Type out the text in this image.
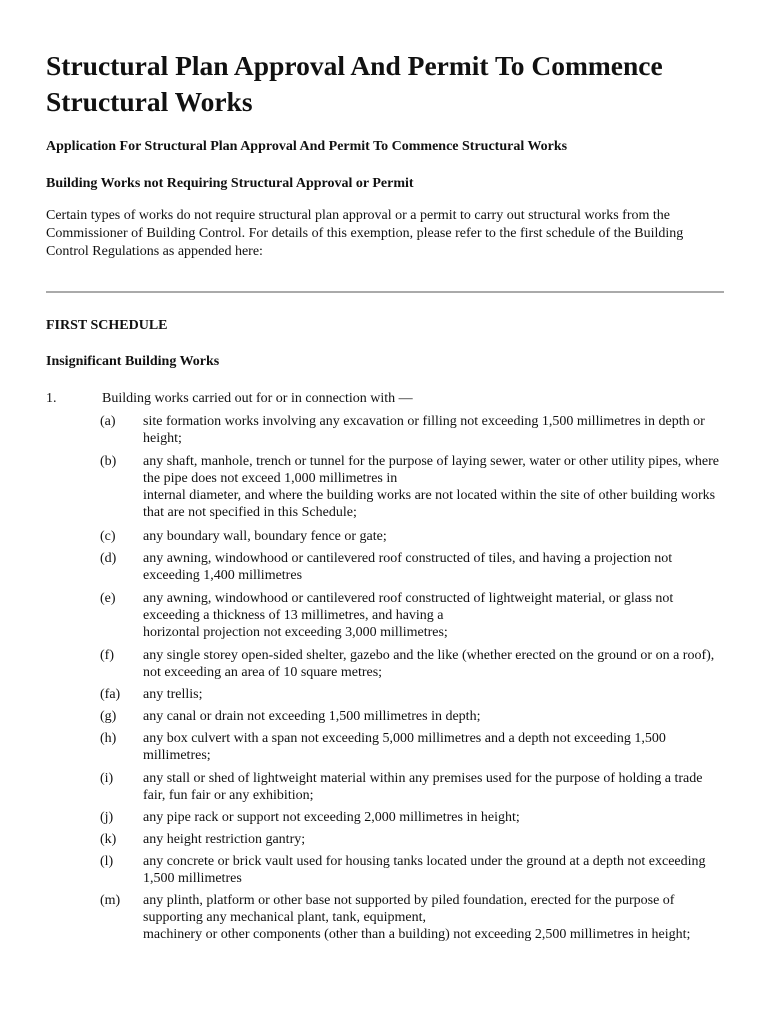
Structural Plan Approval And Permit To Commence Structural Works

Application For Structural Plan Approval And Permit To Commence Structural Works

Building Works not Requiring Structural Approval or Permit

Certain types of works do not require structural plan approval or a permit to carry out structural works from the Commissioner of Building Control. For details of this exemption, please refer to the first schedule of the Building Control Regulations as appended here:

FIRST SCHEDULE

Insignificant Building Works

1.	Building works carried out for or in connection with —
(a) site formation works involving any excavation or filling not exceeding 1,500 millimetres in depth or height;
(b) any shaft, manhole, trench or tunnel for the purpose of laying sewer, water or other utility pipes, where the pipe does not exceed 1,000 millimetres in
internal diameter, and where the building works are not located within the site of other building works that are not specified in this Schedule;
(c) any boundary wall, boundary fence or gate;
(d) any awning, windowhood or cantilevered roof constructed of tiles, and having a projection not exceeding 1,400 millimetres
(e) any awning, windowhood or cantilevered roof constructed of lightweight material, or glass not exceeding a thickness of 13 millimetres, and having a
horizontal projection not exceeding 3,000 millimetres;
(f) any single storey open-sided shelter, gazebo and the like (whether erected on the ground or on a roof), not exceeding an area of 10 square metres;
(fa) any trellis;
(g) any canal or drain not exceeding 1,500 millimetres in depth;
(h) any box culvert with a span not exceeding 5,000 millimetres and a depth not exceeding 1,500 millimetres;
(i) any stall or shed of lightweight material within any premises used for the purpose of holding a trade fair, fun fair or any exhibition;
(j) any pipe rack or support not exceeding 2,000 millimetres in height;
(k) any height restriction gantry;
(l) any concrete or brick vault used for housing tanks located under the ground at a depth not exceeding 1,500 millimetres
(m) any plinth, platform or other base not supported by piled foundation, erected for the purpose of supporting any mechanical plant, tank, equipment,
machinery or other components (other than a building) not exceeding 2,500 millimetres in height;
